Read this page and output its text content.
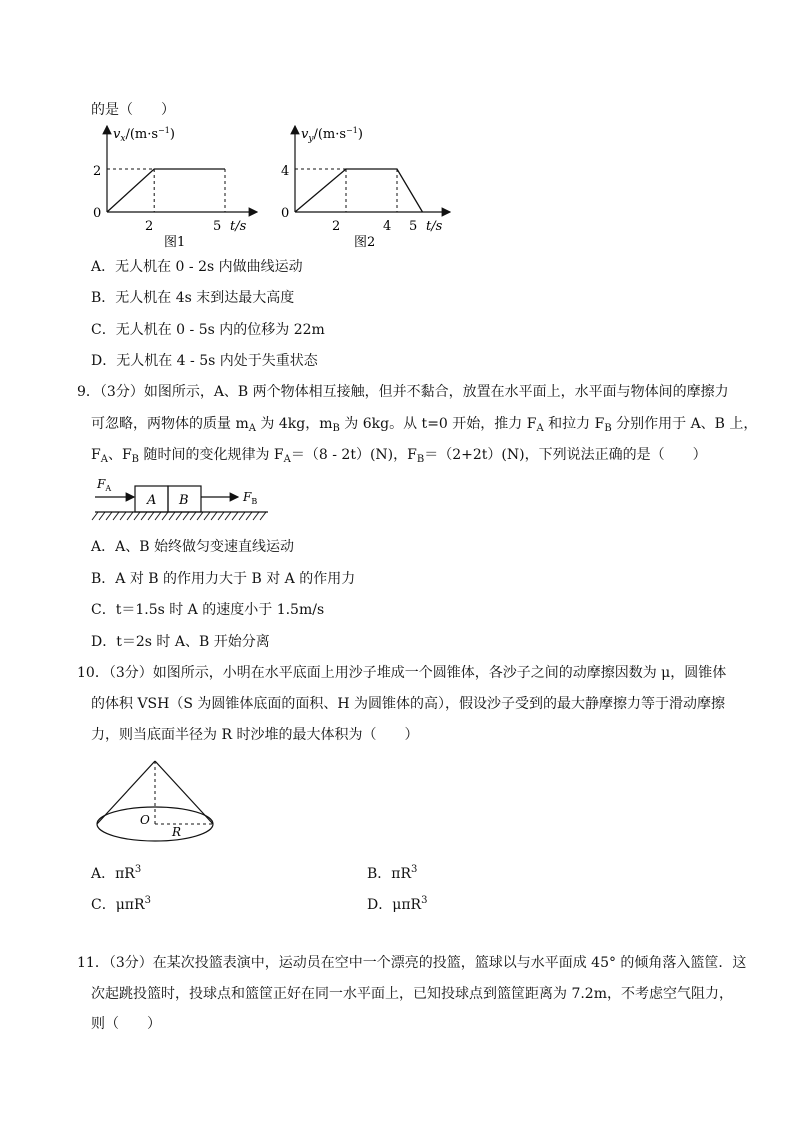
的是（　　）
$v_x/(m\cdot s^{-1})$
2
0
2	5 t/s
图1
$v_y/(m\cdot s^{-1})$
4
0
2	4 5 t/s
图2
A．无人机在 0 - 2s 内做曲线运动
B．无人机在 4s 末到达最大高度
C．无人机在 0 - 5s 内的位移为 22m
D．无人机在 4 - 5s 内处于失重状态
9．（3分）如图所示，A、B 两个物体相互接触，但并不黏合，放置在水平面上，水平面与物体间的摩擦力
可忽略，两物体的质量 $m_A$ 为 4kg，$m_B$ 为 6kg。从 t=0 开始，推力 $F_A$ 和拉力 $F_B$ 分别作用于 A、B 上，
$F_A$、$F_B$ 随时间的变化规律为 $F_A=(8 - 2t)(N)$，$F_B=(2+2t)(N)$，下列说法正确的是（　　）
A B
$F_A$
$F_B$
A．A、B 始终做匀变速直线运动
B．A 对 B 的作用力大于 B 对 A 的作用力
C．t＝1.5s 时 A 的速度小于 1.5m/s
D．t＝2s 时 A、B 开始分离
10．（3分）如图所示，小明在水平底面上用沙子堆成一个圆锥体，各沙子之间的动摩擦因数为 μ，圆锥体
的体积 VSH（S 为圆锥体底面的面积、H 为圆锥体的高），假设沙子受到的最大静摩擦力等于滑动摩擦
力，则当底面半径为 R 时沙堆的最大体积为（　　）
O
R
A．$\pi R^3$	B．$\pi R^3$
C．μπR$^3$	D．μπR$^3$
11．（3分）在某次投篮表演中，运动员在空中一个漂亮的投篮，篮球以与水平面成 45° 的倾角落入篮筐．这
次起跳投篮时，投球点和篮筐正好在同一水平面上，已知投球点到篮筐距离为 7.2m，不考虑空气阻力，
则（　　）
